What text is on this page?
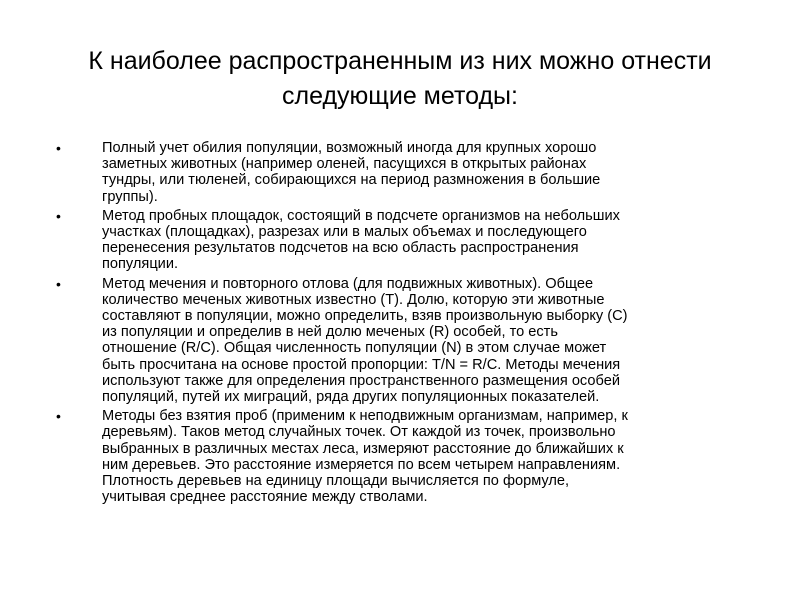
К наиболее распространенным из них можно отнести
следующие методы:
•	Полный учет обилия популяции, возможный иногда для крупных хорошо
заметных животных (например оленей, пасущихся в открытых районах
тундры, или тюленей, собирающихся на период размножения в большие
группы).
•	Метод пробных площадок, состоящий в подсчете организмов на небольших
участках (площадках), разрезах или в малых объемах и последующего
перенесения результатов подсчетов на всю область распространения
популяции.
•	Метод мечения и повторного отлова (для подвижных животных). Общее
количество меченых животных известно (T). Долю, которую эти животные
составляют в популяции, можно определить, взяв произвольную выборку (C)
из популяции и определив в ней долю меченых (R) особей, то есть
отношение (R/C). Общая численность популяции (N) в этом случае может
быть просчитана на основе простой пропорции: T/N = R/C. Методы мечения
используют также для определения пространственного размещения особей
популяций, путей их миграций, ряда других популяционных показателей.
•	Методы без взятия проб (применим к неподвижным организмам, например, к
деревьям). Таков метод случайных точек. От каждой из точек, произвольно
выбранных в различных местах леса, измеряют расстояние до ближайших к
ним деревьев. Это расстояние измеряется по всем четырем направлениям.
Плотность деревьев на единицу площади вычисляется по формуле,
учитывая среднее расстояние между стволами.
